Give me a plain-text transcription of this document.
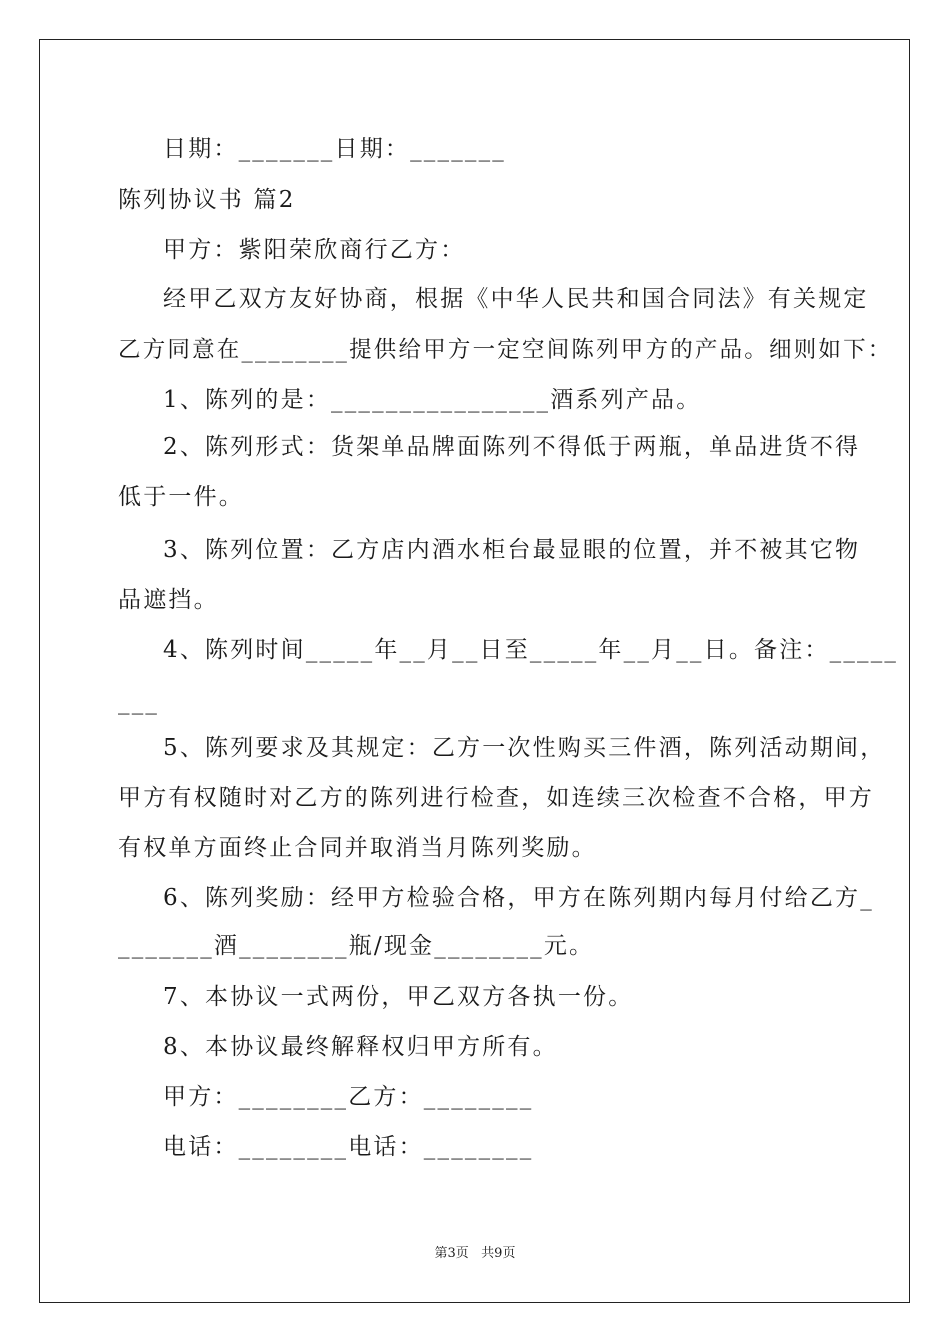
日期：_______日期：_______
陈列协议书 篇2
甲方：紫阳荣欣商行乙方：
经甲乙双方友好协商，根据《中华人民共和国合同法》有关规定
乙方同意在________提供给甲方一定空间陈列甲方的产品。细则如下：
1、陈列的是：________________酒系列产品。
2、陈列形式：货架单品牌面陈列不得低于两瓶，单品进货不得
低于一件。
3、陈列位置：乙方店内酒水柜台最显眼的位置，并不被其它物
品遮挡。
4、陈列时间_____年__月__日至_____年__月__日。备注：_____
___
5、陈列要求及其规定：乙方一次性购买三件酒，陈列活动期间，
甲方有权随时对乙方的陈列进行检查，如连续三次检查不合格，甲方
有权单方面终止合同并取消当月陈列奖励。
6、陈列奖励：经甲方检验合格，甲方在陈列期内每月付给乙方_
_______酒________瓶/现金________元。
7、本协议一式两份，甲乙双方各执一份。
8、本协议最终解释权归甲方所有。
甲方：________乙方：________
电话：________电话：________
第3页   共9页
